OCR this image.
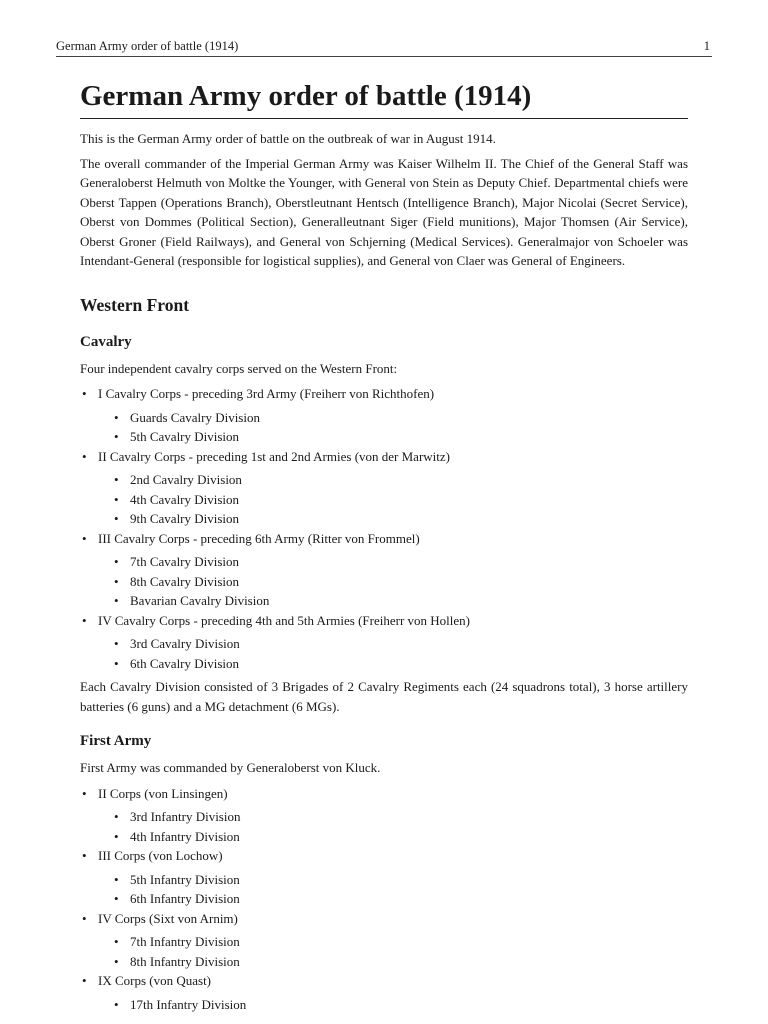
German Army order of battle (1914)	1
German Army order of battle (1914)

This is the German Army order of battle on the outbreak of war in August 1914.

The overall commander of the Imperial German Army was Kaiser Wilhelm II. The Chief of the General Staff was Generaloberst Helmuth von Moltke the Younger, with General von Stein as Deputy Chief. Departmental chiefs were Oberst Tappen (Operations Branch), Oberstleutnant Hentsch (Intelligence Branch), Major Nicolai (Secret Service), Oberst von Dommes (Political Section), Generalleutnant Siger (Field munitions), Major Thomsen (Air Service), Oberst Groner (Field Railways), and General von Schjerning (Medical Services). Generalmajor von Schoeler was Intendant-General (responsible for logistical supplies), and General von Claer was General of Engineers.

Western Front
Cavalry

Four independent cavalry corps served on the Western Front:

• I Cavalry Corps - preceding 3rd Army (Freiherr von Richthofen)
• Guards Cavalry Division
• 5th Cavalry Division
• II Cavalry Corps - preceding 1st and 2nd Armies (von der Marwitz)
• 2nd Cavalry Division
• 4th Cavalry Division
• 9th Cavalry Division
• III Cavalry Corps - preceding 6th Army (Ritter von Frommel)
• 7th Cavalry Division
• 8th Cavalry Division
• Bavarian Cavalry Division
• IV Cavalry Corps - preceding 4th and 5th Armies (Freiherr von Hollen)
• 3rd Cavalry Division
• 6th Cavalry Division

Each Cavalry Division consisted of 3 Brigades of 2 Cavalry Regiments each (24 squadrons total), 3 horse artillery batteries (6 guns) and a MG detachment (6 MGs).

First Army

First Army was commanded by Generaloberst von Kluck.

• II Corps (von Linsingen)
• 3rd Infantry Division
• 4th Infantry Division
• III Corps (von Lochow)
• 5th Infantry Division
• 6th Infantry Division
• IV Corps (Sixt von Arnim)
• 7th Infantry Division
• 8th Infantry Division
• IX Corps (von Quast)
• 17th Infantry Division
